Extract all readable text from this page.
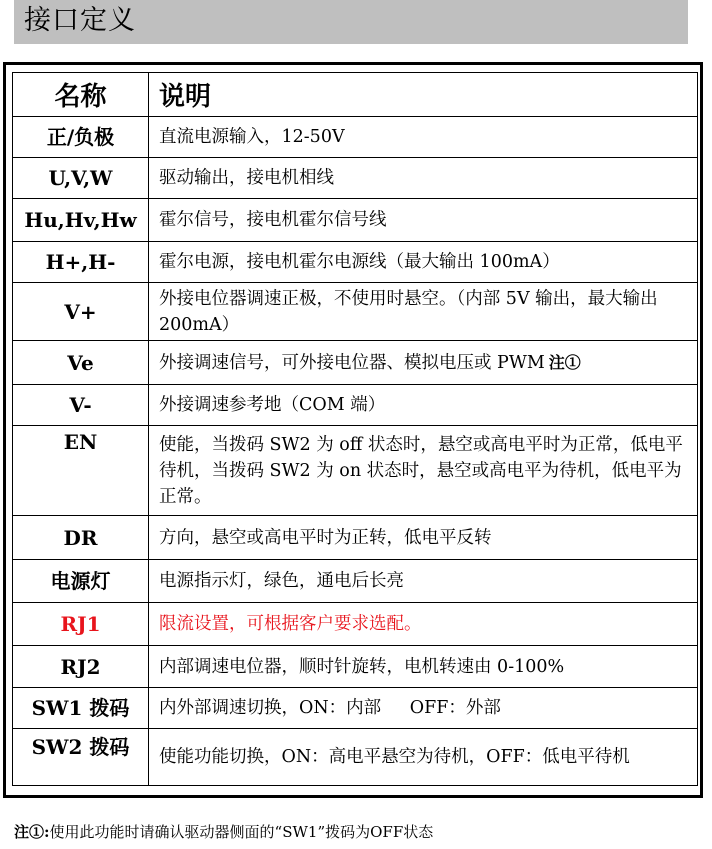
接口定义
名称	说明
正/负极	直流电源输入，12-50V
U,V,W	驱动输出，接电机相线
Hu,Hv,Hw	霍尔信号，接电机霍尔信号线
H+,H-	霍尔电源，接电机霍尔电源线（最大输出 100mA）
V+	外接电位器调速正极，不使用时悬空。（内部 5V 输出，最大输出 200mA）
Ve	外接调速信号，可外接电位器、模拟电压或 PWM 注①
V-	外接调速参考地（COM 端）
EN	使能，当拨码 SW2 为 off 状态时，悬空或高电平时为正常，低电平待机，当拨码 SW2 为 on 状态时，悬空或高电平为待机，低电平为正常。
DR	方向，悬空或高电平时为正转，低电平反转
电源灯	电源指示灯，绿色，通电后长亮
RJ1	限流设置，可根据客户要求选配。
RJ2	内部调速电位器，顺时针旋转，电机转速由 0-100%
SW1 拨码	内外部调速切换，ON：内部　  OFF：外部
SW2 拨码	使能功能切换，ON：高电平悬空为待机，OFF：低电平待机
注①:使用此功能时请确认驱动器侧面的“SW1”拨码为OFF状态
